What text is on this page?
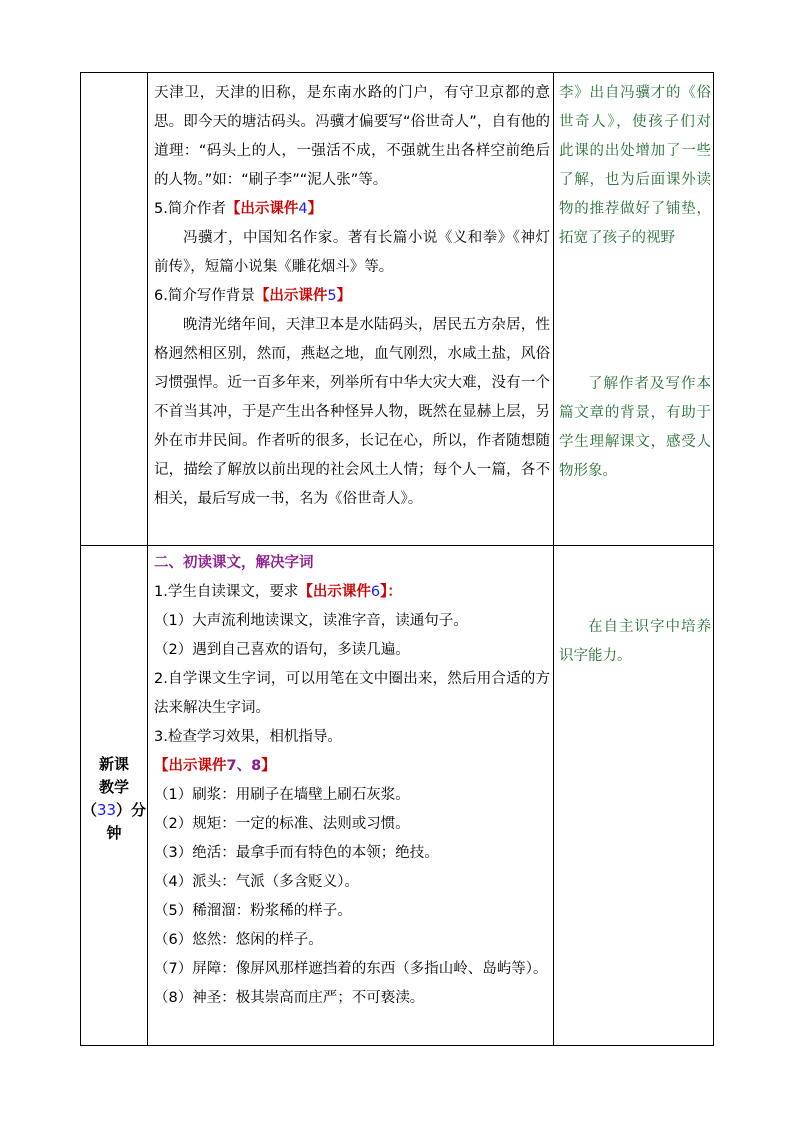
天津卫，天津的旧称，是东南水路的门户，有守卫京都的意思。即今天的塘沽码头。冯骥才偏要写“俗世奇人”，自有他的道理：“码头上的人，一强活不成，不强就生出各样空前绝后的人物。”如：“刷子李”“泥人张”等。

5.简介作者【出示课件4】

冯骥才，中国知名作家。著有长篇小说《义和拳》《神灯前传》，短篇小说集《雕花烟斗》等。

6.简介写作背景【出示课件5】

晚清光绪年间，天津卫本是水陆码头，居民五方杂居，性格迥然相区别，然而，燕赵之地，血气刚烈，水咸土盐，风俗习惯强悍。近一百多年来，列举所有中华大灾大难，没有一个不首当其冲，于是产生出各种怪异人物，既然在显赫上层，另外在市井民间。作者听的很多，长记在心，所以，作者随想随记，描绘了解放以前出现的社会风土人情；每个人一篇，各不相关，最后写成一书，名为《俗世奇人》。

李》出自冯骥才的《俗世奇人》，使孩子们对此课的出处增加了一些了解，也为后面课外读物的推荐做好了铺垫，拓宽了孩子的视野
了解作者及写作本篇文章的背景，有助于学生理解课文，感受人物形象。
新课
教学
（33）分
钟

二、初读课文，解决字词

1.学生自读课文，要求【出示课件6】：

（1）大声流利地读课文，读准字音，读通句子。

（2）遇到自己喜欢的语句，多读几遍。

2.自学课文生字词，可以用笔在文中圈出来，然后用合适的方法来解决生字词。

3.检查学习效果，相机指导。

【出示课件7、8】

（1）刷浆：用刷子在墙壁上刷石灰浆。

（2）规矩：一定的标准、法则或习惯。

（3）绝活：最拿手而有特色的本领；绝技。

（4）派头：气派（多含贬义）。

（5）稀溜溜：粉浆稀的样子。

（6）悠然：悠闲的样子。

（7）屏障：像屏风那样遮挡着的东西（多指山岭、岛屿等）。

（8）神圣：极其崇高而庄严；不可亵渎。

在自主识字中培养识字能力。
